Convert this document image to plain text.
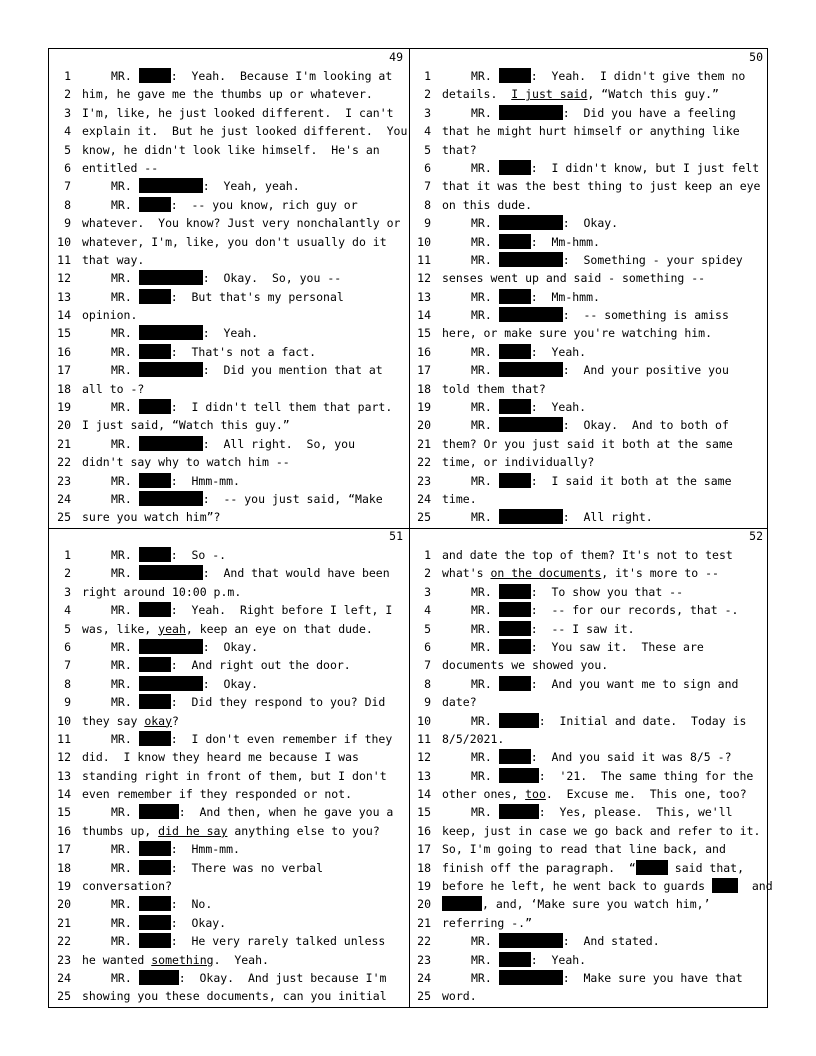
49
1	MR.	:  Yeah.  Because I'm looking at
2 him, he gave me the thumbs up or whatever.
3 I'm, like, he just looked different.  I can't
4 explain it.  But he just looked different.  You
5 know, he didn't look like himself.  He's an
6 entitled --
7	MR.	:  Yeah, yeah.
8	MR.	:  -- you know, rich guy or
9 whatever.  You know? Just very nonchalantly or
10 whatever, I'm, like, you don't usually do it
11 that way.
12	MR.	:  Okay.  So, you --
13	MR.	:  But that's my personal
14 opinion.
15	MR.	:  Yeah.
16	MR.	:  That's not a fact.
17	MR.	:  Did you mention that at
18 all to -?
19	MR.	:  I didn't tell them that part.
20 I just said, “Watch this guy.”
21	MR.	:  All right.  So, you
22 didn't say why to watch him --
23	MR.	:  Hmm-mm.
24	MR.	:  -- you just said, “Make
25 sure you watch him”?
50
1	MR.	:  Yeah.  I didn't give them no
2 details.  I just said, “Watch this guy.”
3	MR.	:  Did you have a feeling
4 that he might hurt himself or anything like
5 that?
6	MR.	:  I didn't know, but I just felt
7 that it was the best thing to just keep an eye
8 on this dude.
9	MR.	:  Okay.
10	MR.	:  Mm-hmm.
11	MR.	:  Something - your spidey
12 senses went up and said - something --
13	MR.	:  Mm-hmm.
14	MR.	:  -- something is amiss
15 here, or make sure you're watching him.
16	MR.	:  Yeah.
17	MR.	:  And your positive you
18 told them that?
19	MR.	:  Yeah.
20	MR.	:  Okay.  And to both of
21 them? Or you just said it both at the same
22 time, or individually?
23	MR.	:  I said it both at the same
24 time.
25	MR.	:  All right.
51
1	MR.	:  So -.
2	MR.	:  And that would have been
3 right around 10:00 p.m.
4	MR.	:  Yeah.  Right before I left, I
5 was, like, yeah, keep an eye on that dude.
6	MR.	:  Okay.
7	MR.	:  And right out the door.
8	MR.	:  Okay.
9	MR.	:  Did they respond to you? Did
10 they say okay?
11	MR.	:  I don't even remember if they
12 did.  I know they heard me because I was
13 standing right in front of them, but I don't
14 even remember if they responded or not.
15	MR.	:  And then, when he gave you a
16 thumbs up, did he say anything else to you?
17	MR.	:  Hmm-mm.
18	MR.	:  There was no verbal
19 conversation?
20	MR.	:  No.
21	MR.	:  Okay.
22	MR.	:  He very rarely talked unless
23 he wanted something.  Yeah.
24	MR.	:  Okay.  And just because I'm
25 showing you these documents, can you initial
52
1 and date the top of them? It's not to test
2 what's on the documents, it's more to --
3	MR.	:  To show you that --
4	MR.	:  -- for our records, that -.
5	MR.	:  -- I saw it.
6	MR.	:  You saw it.  These are
7 documents we showed you.
8	MR.	:  And you want me to sign and
9 date?
10	MR.	:  Initial and date.  Today is
11 8/5/2021.
12	MR.	:  And you said it was 8/5 -?
13	MR.	:  '21.  The same thing for the
14 other ones, too.  Excuse me.  This one, too?
15	MR.	:  Yes, please.  This, we'll
16 keep, just in case we go back and refer to it.
17 So, I'm going to read that line back, and
18 finish off the paragraph.  “	said that,
19 before he left, he went back to guards   and
20	, and, ‘Make sure you watch him,’
21 referring -.”
22	MR.	:  And stated.
23	MR.	:  Yeah.
24	MR.	:  Make sure you have that
25 word.
